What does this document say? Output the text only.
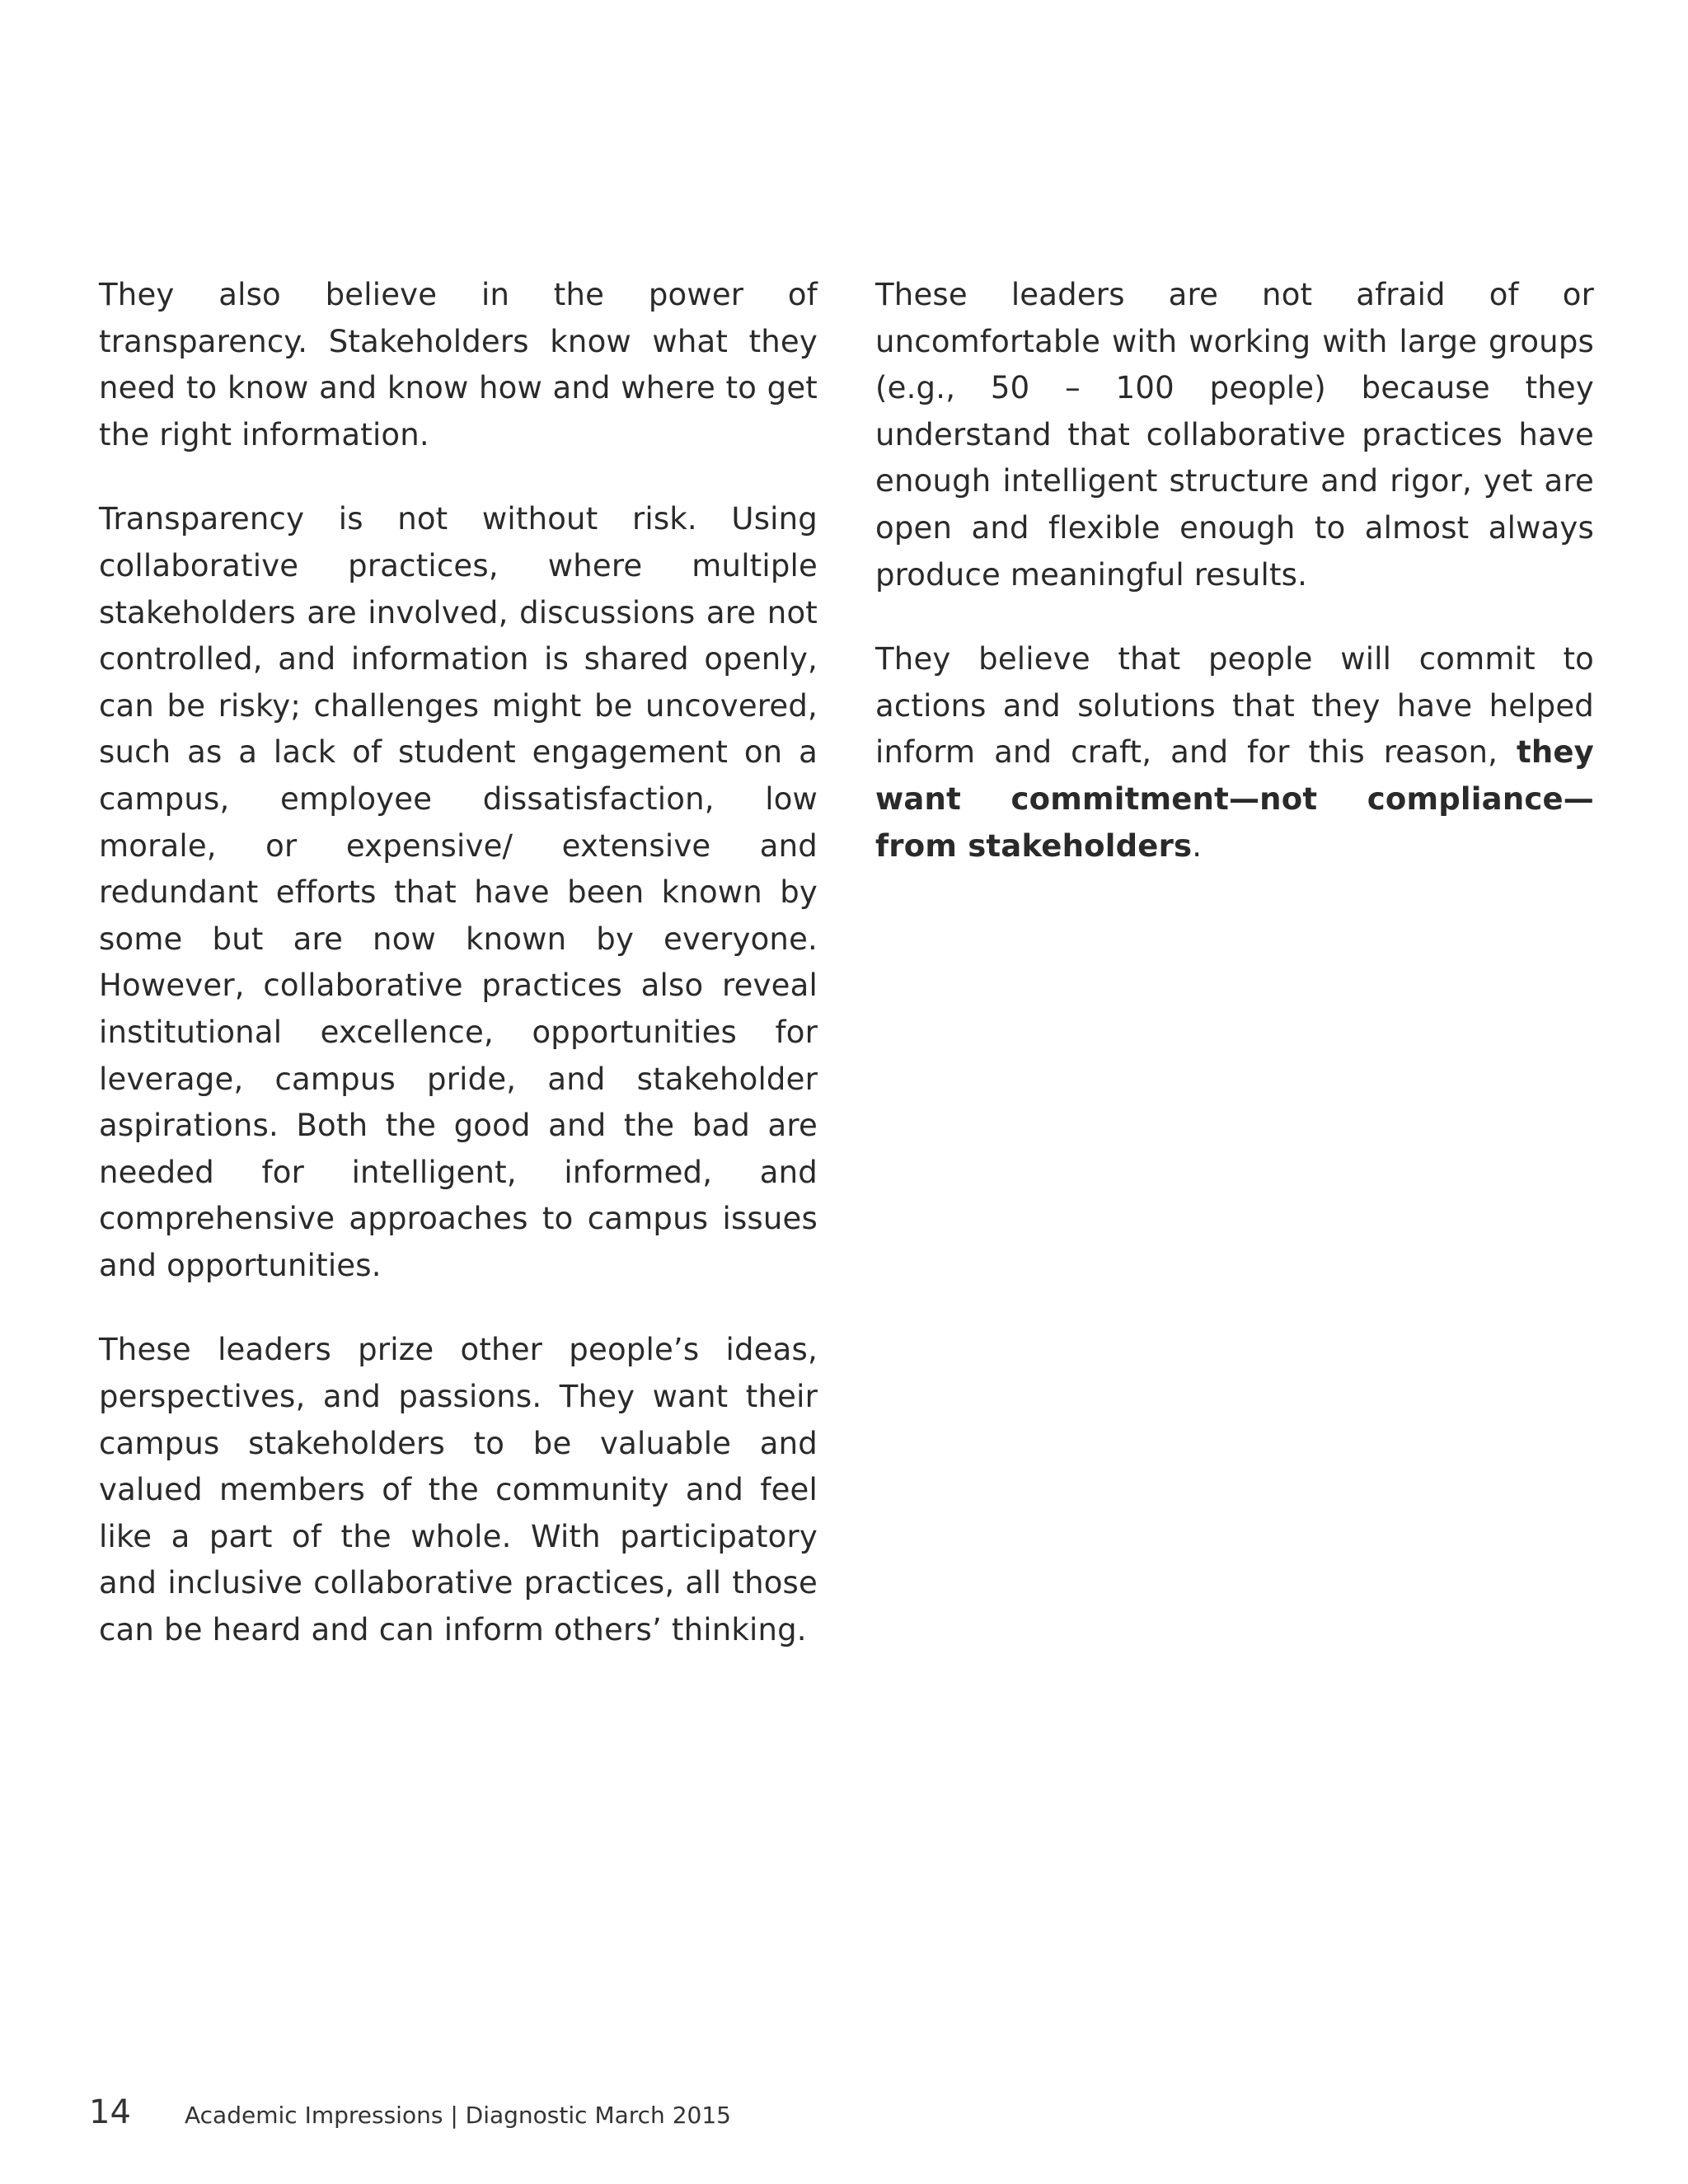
They also believe in the power of transparency. Stakeholders know what they need to know and know how and where to get the right information.

Transparency is not without risk. Using collaborative practices, where multiple stakeholders are involved, discussions are not controlled, and information is shared openly, can be risky; challenges might be uncovered, such as a lack of student engagement on a campus, employee dissatisfaction, low morale, or expensive/ extensive and redundant efforts that have been known by some but are now known by everyone. However, collaborative practices also reveal institutional excellence, opportunities for leverage, campus pride, and stakeholder aspirations. Both the good and the bad are needed for intelligent, informed, and comprehensive approaches to campus issues and opportunities.

These leaders prize other people’s ideas, perspectives, and passions. They want their campus stakeholders to be valuable and valued members of the community and feel like a part of the whole. With participatory and inclusive collaborative practices, all those can be heard and can inform others’ thinking.

These leaders are not afraid of or uncomfortable with working with large groups (e.g., 50 – 100 people) because they understand that collaborative practices have enough intelligent structure and rigor, yet are open and flexible enough to almost always produce meaningful results.

They believe that people will commit to actions and solutions that they have helped inform and craft, and for this reason, they want commitment—not compliance—from stakeholders.

14	Academic Impressions | Diagnostic March 2015
